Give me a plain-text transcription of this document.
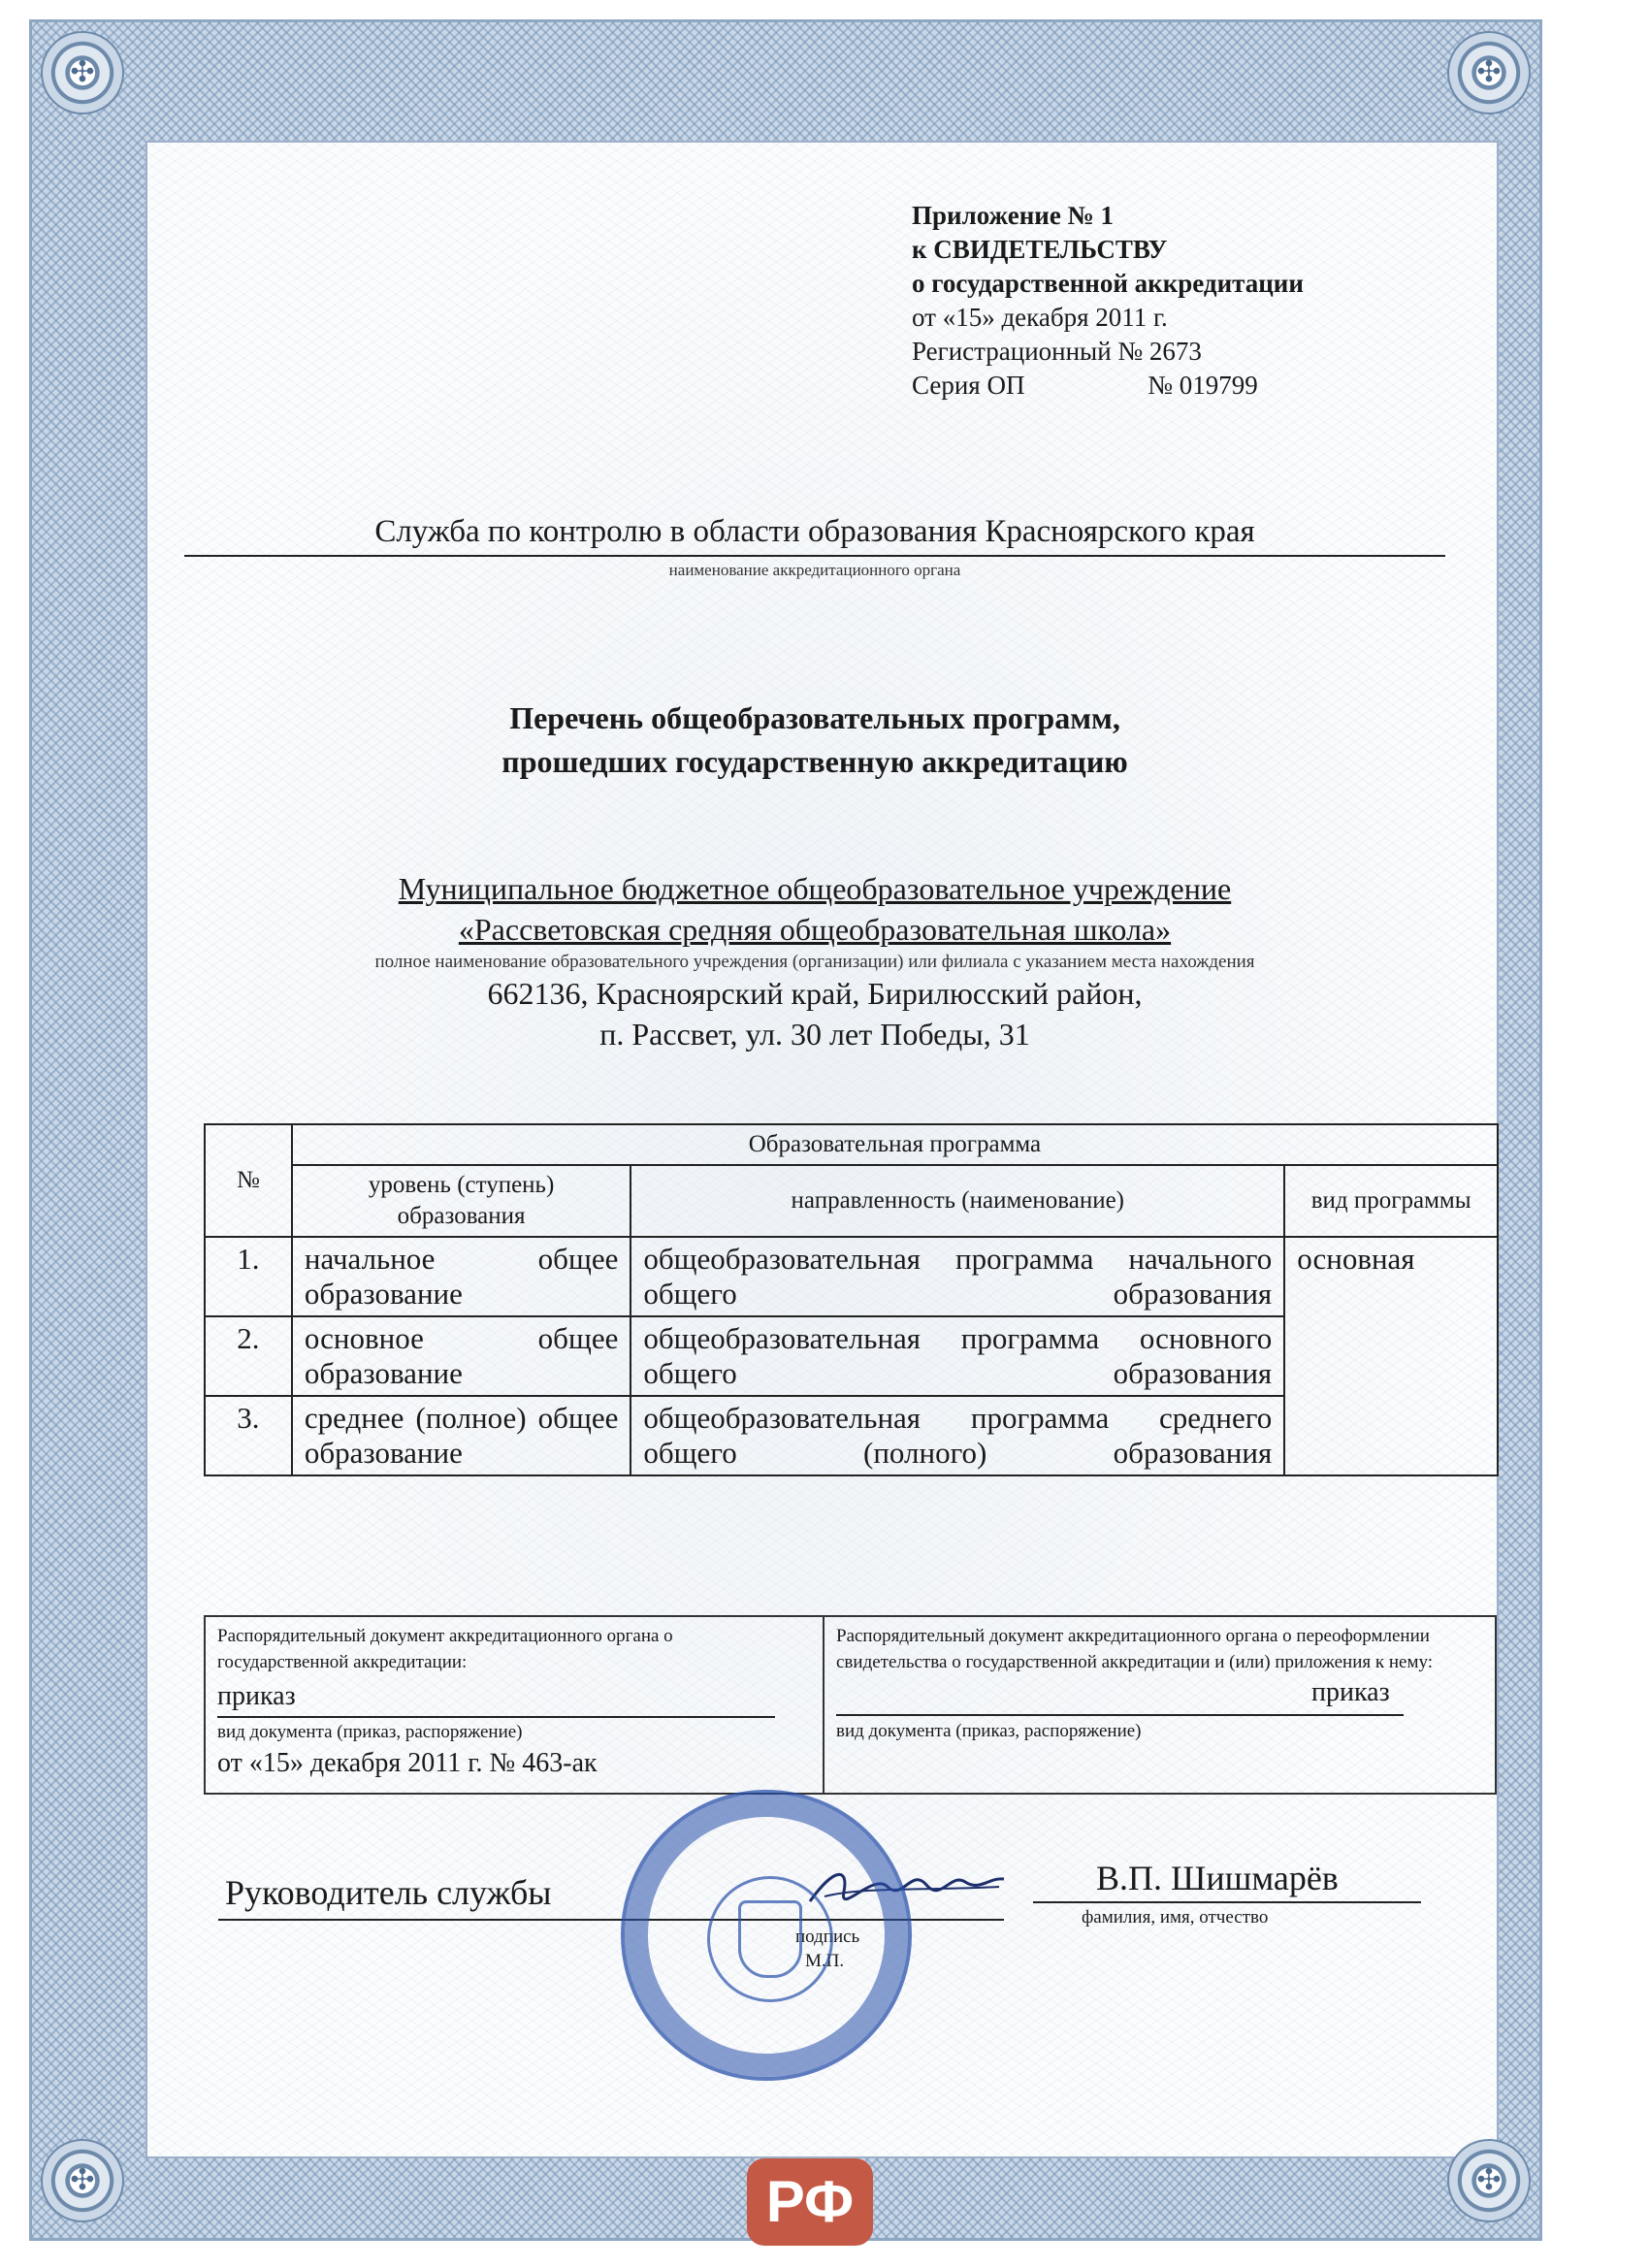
✣	✣
✣	✣
Приложение № 1
к СВИДЕТЕЛЬСТВУ
о государственной аккредитации
от «15» декабря 2011 г.
Регистрационный № 2673
Серия ОП	№ 019799
Служба по контролю в области образования Красноярского края
наименование аккредитационного органа
Перечень общеобразовательных программ,
прошедших государственную аккредитацию
Муниципальное бюджетное общеобразовательное учреждение
«Рассветовская средняя общеобразовательная школа»
полное наименование образовательного учреждения (организации) или филиала с указанием места нахождения
662136, Красноярский край, Бирилюсский район,
п. Рассвет, ул. 30 лет Победы, 31
№	Образовательная программа		
	уровень (ступень) образования	направленность (наименование)	вид программы
1.	начальное общее образование	общеобразовательная программа начального общего образования	основная
2.	основное общее образование	общеобразовательная программа основного общего образования	
3.	среднее (полное) общее образование	общеобразовательная программа среднего общего (полного) образования	
Распорядительный документ аккредитационного органа о государственной аккредитации:
приказ
вид документа (приказ, распоряжение)
от «15» декабря 2011 г. № 463-ак
Распорядительный документ аккредитационного органа о переоформлении свидетельства о государственной аккредитации и (или) приложения к нему:
приказ
вид документа (приказ, распоряжение)
Руководитель службы
подпись
М.П.
В.П. Шишмарёв
фамилия, имя, отчество
РФ
